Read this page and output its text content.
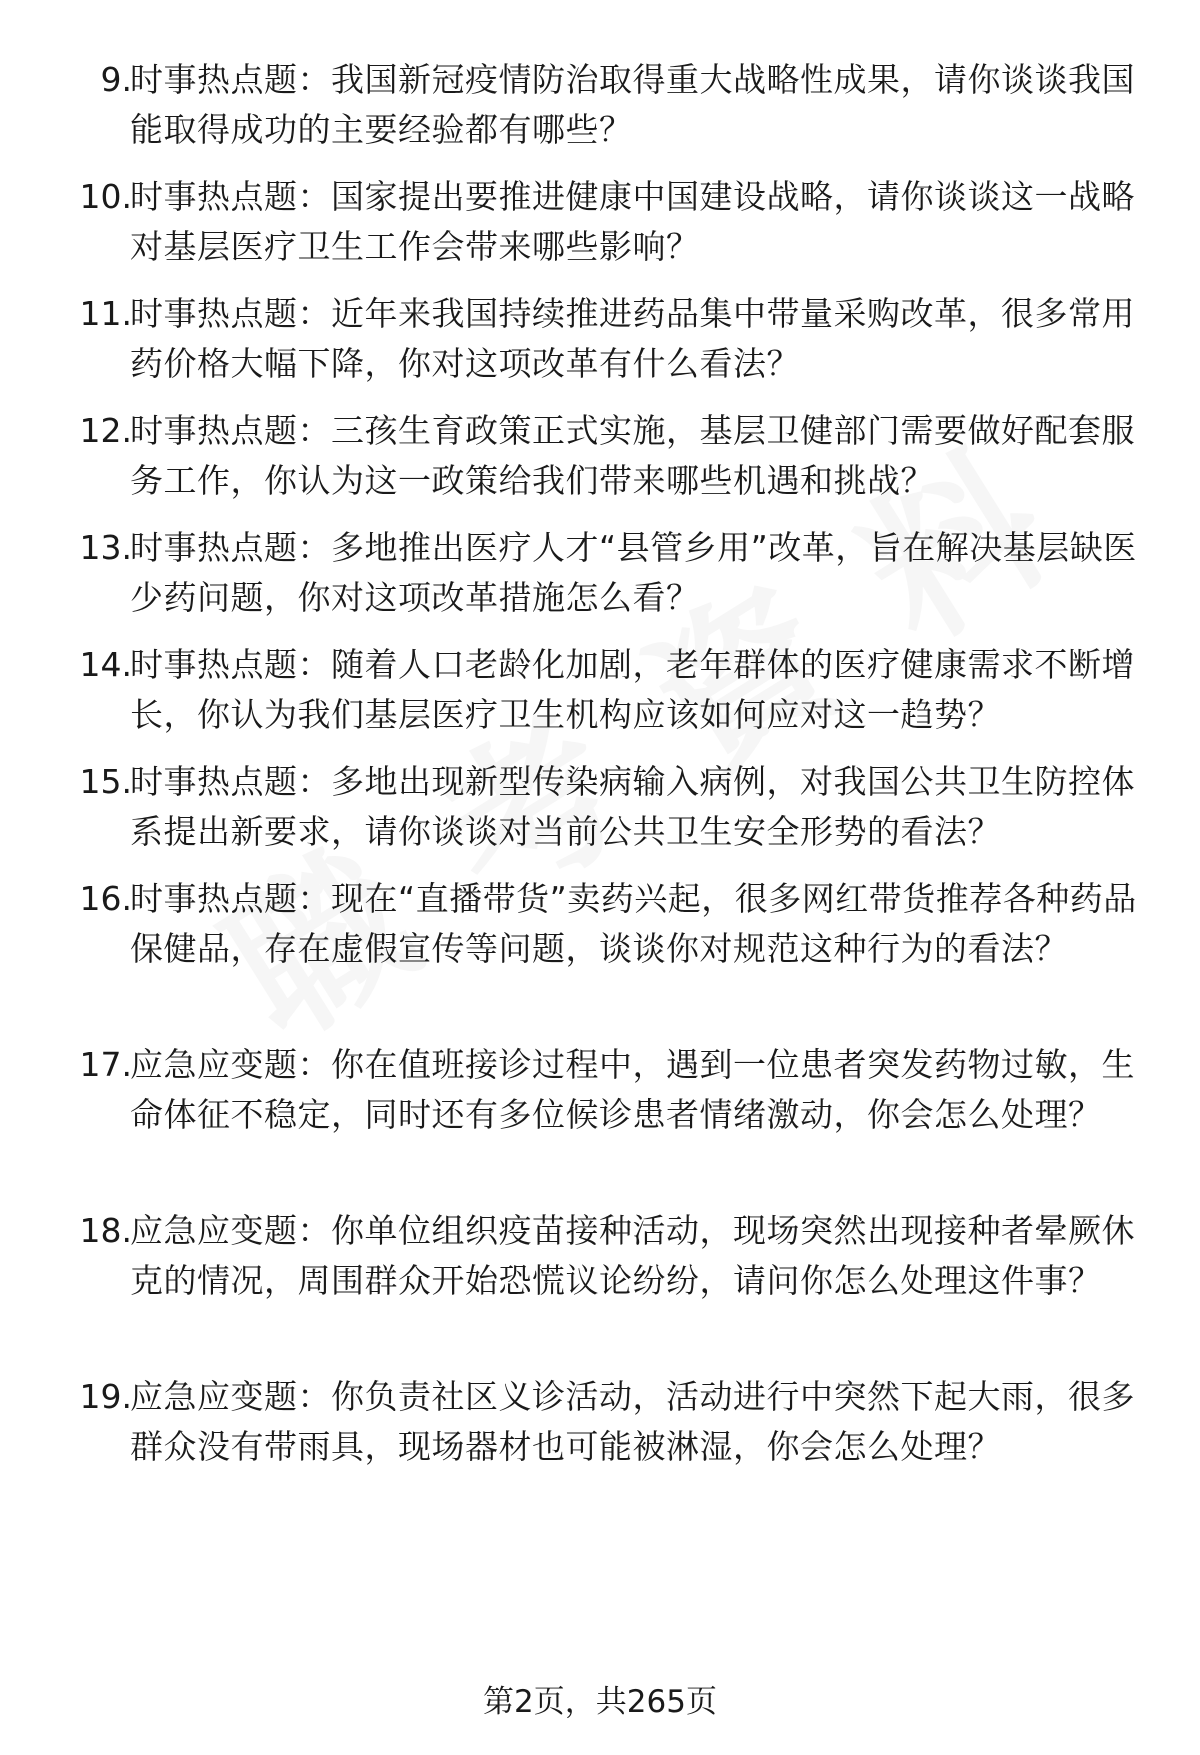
9.
时事热点题：我国新冠疫情防治取得重大战略性成果，请你谈谈我国能取得成功的主要经验都有哪些？
10.
时事热点题：国家提出要推进健康中国建设战略，请你谈谈这一战略对基层医疗卫生工作会带来哪些影响？
11.
时事热点题：近年来我国持续推进药品集中带量采购改革，很多常用药价格大幅下降，你对这项改革有什么看法？
12.
时事热点题：三孩生育政策正式实施，基层卫健部门需要做好配套服务工作，你认为这一政策给我们带来哪些机遇和挑战？
13.
时事热点题：多地推出医疗人才“县管乡用”改革，旨在解决基层缺医少药问题，你对这项改革措施怎么看？
14.
时事热点题：随着人口老龄化加剧，老年群体的医疗健康需求不断增长，你认为我们基层医疗卫生机构应该如何应对这一趋势？
15.
时事热点题：多地出现新型传染病输入病例，对我国公共卫生防控体系提出新要求，请你谈谈对当前公共卫生安全形势的看法？
16.
时事热点题：现在“直播带货”卖药兴起，很多网红带货推荐各种药品保健品，存在虚假宣传等问题，谈谈你对规范这种行为的看法？
17.
应急应变题：你在值班接诊过程中，遇到一位患者突发药物过敏，生命体征不稳定，同时还有多位候诊患者情绪激动，你会怎么处理？
18.
应急应变题：你单位组织疫苗接种活动，现场突然出现接种者晕厥休克的情况，周围群众开始恐慌议论纷纷，请问你怎么处理这件事？
19.
应急应变题：你负责社区义诊活动，活动进行中突然下起大雨，很多群众没有带雨具，现场器材也可能被淋湿，你会怎么处理？
第2页，共265页
